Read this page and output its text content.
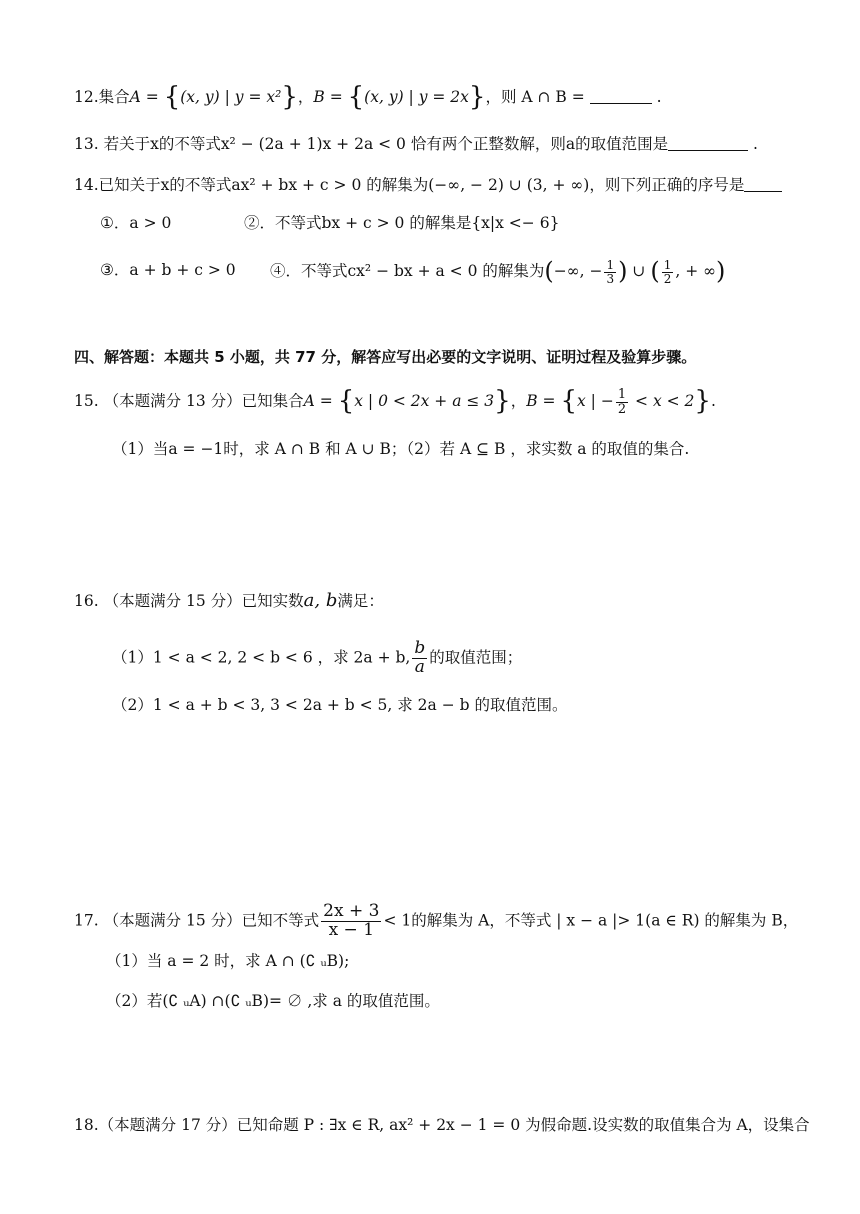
12.集合A = {(x, y) | y = x²}，B = {(x, y) | y = 2x}，则 A ∩ B =	.
13. 若关于x的不等式x² − (2a + 1)x + 2a < 0 恰有两个正整数解，则a的取值范围是	.
14.已知关于x的不等式ax² + bx + c > 0 的解集为(−∞, − 2) ∪ (3, + ∞)，则下列正确的序号是
①．a > 0	②．不等式bx + c > 0 的解集是{x|x <− 6}
③．a + b + c > 0 ④．不等式cx² − bx + a < 0 的解集为(−∞, − $\frac{1}{3}$ ) ∪ ( $\frac{1}{2}$ , + ∞)
四、解答题：本题共 5 小题，共 77 分，解答应写出必要的文字说明、证明过程及验算步骤。
15. （本题满分 13 分）已知集合A = {x | 0 < 2x + a ≤ 3}，B = {x | − $\frac{1}{2} < x < 2$}.
（1）当a = −1时，求 A ∩ B 和 A ∪ B；（2）若 A ⊆ B ，求实数 a 的取值的集合.
16. （本题满分 15 分）已知实数a, b满足：
（1）1 < a < 2, 2 < b < 6 ，求 2a + b, $\frac{b}{a}$ 的取值范围；
（2）1 < a + b < 3, 3 < 2a + b < 5, 求 2a − b 的取值范围。
17. （本题满分 15 分）已知不等式 $\frac{2x + 3}{x - 1} < 1$的解集为 A，不等式 | x − a |> 1(a ∈ R) 的解集为 B，
（1）当 a = 2 时，求 A ∩ (∁ ᵤB);
（2）若(∁ ᵤA) ∩(∁ ᵤB)= ∅ ,求 a 的取值范围。
18.（本题满分 17 分）已知命题 P : ∃x ∈ R, ax² + 2x − 1 = 0 为假命题.设实数的取值集合为 A，设集合
